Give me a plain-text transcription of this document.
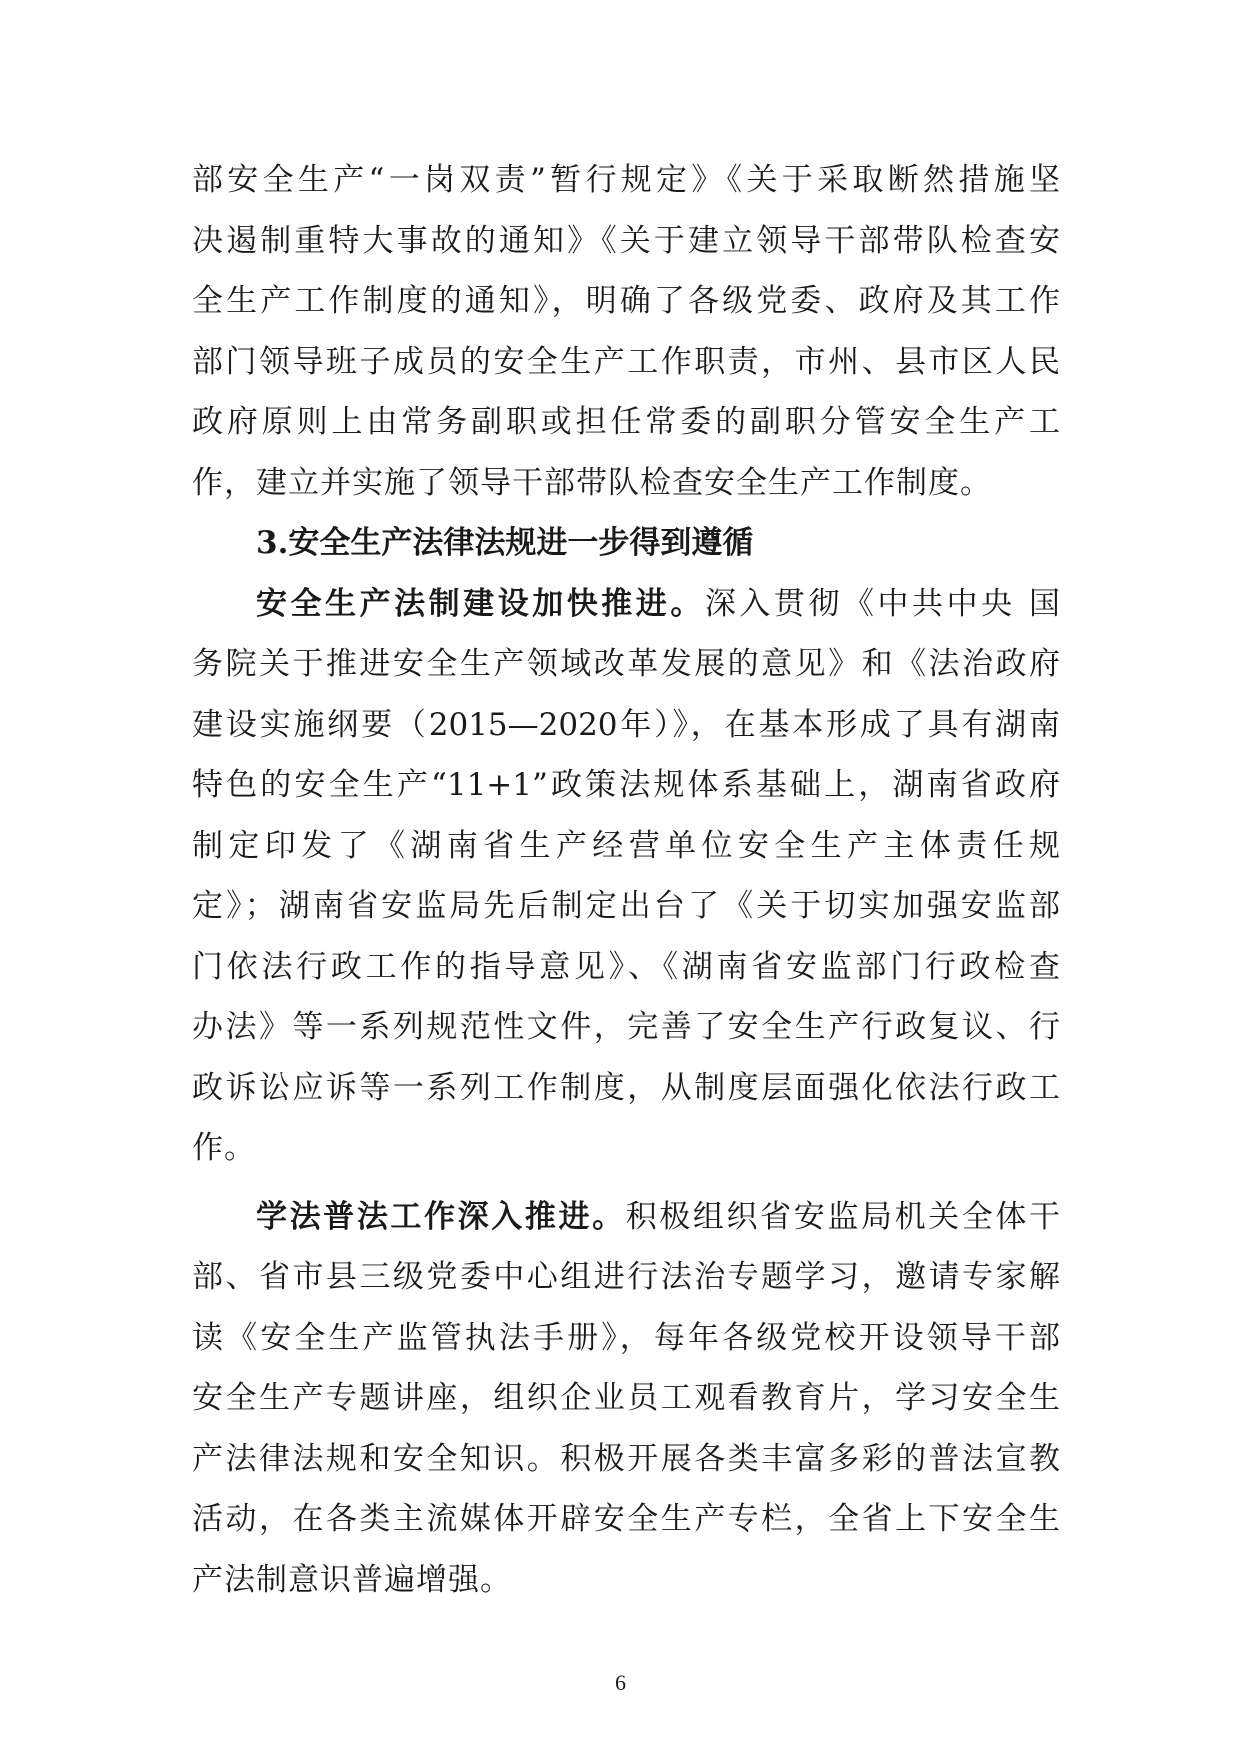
部安全生产“一岗双责”暂行规定》《关于采取断然措施坚
决遏制重特大事故的通知》《关于建立领导干部带队检查安
全生产工作制度的通知》，明确了各级党委、政府及其工作
部门领导班子成员的安全生产工作职责，市州、县市区人民
政府原则上由常务副职或担任常委的副职分管安全生产工
作，建立并实施了领导干部带队检查安全生产工作制度。
3.安全生产法律法规进一步得到遵循
安全生产法制建设加快推进。深入贯彻《中共中央 国
务院关于推进安全生产领域改革发展的意见》和《法治政府
建设实施纲要（2015—2020年）》，在基本形成了具有湖南
特色的安全生产“11+1”政策法规体系基础上，湖南省政府
制定印发了《湖南省生产经营单位安全生产主体责任规
定》；湖南省安监局先后制定出台了《关于切实加强安监部
门依法行政工作的指导意见》、《湖南省安监部门行政检查
办法》等一系列规范性文件，完善了安全生产行政复议、行
政诉讼应诉等一系列工作制度，从制度层面强化依法行政工
作。
学法普法工作深入推进。积极组织省安监局机关全体干
部、省市县三级党委中心组进行法治专题学习，邀请专家解
读《安全生产监管执法手册》，每年各级党校开设领导干部
安全生产专题讲座，组织企业员工观看教育片，学习安全生
产法律法规和安全知识。积极开展各类丰富多彩的普法宣教
活动，在各类主流媒体开辟安全生产专栏，全省上下安全生
产法制意识普遍增强。
6
